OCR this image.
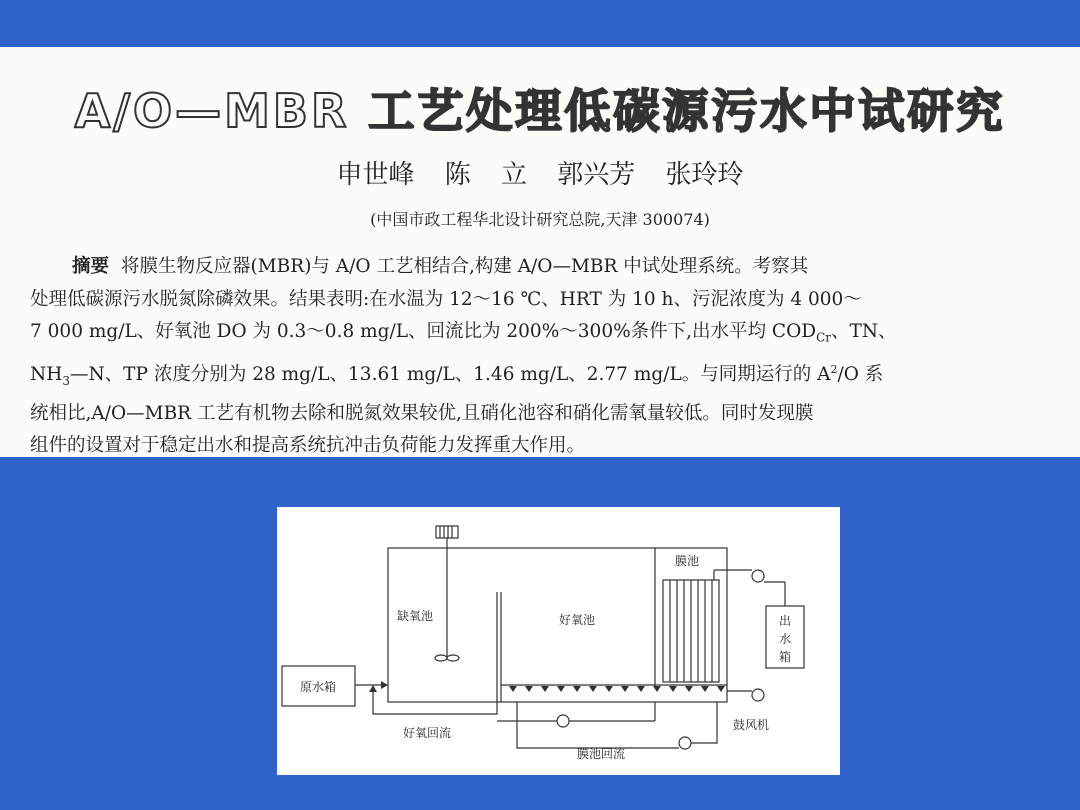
A/O—MBR 工艺处理低碳源污水中试研究
申世峰 陈 立 郭兴芳 张玲玲
(中国市政工程华北设计研究总院,天津 300074)
摘要 将膜生物反应器(MBR)与 A/O 工艺相结合,构建 A/O—MBR 中试处理系统。考察其
处理低碳源污水脱氮除磷效果。结果表明:在水温为 12～16 ℃、HRT 为 10 h、污泥浓度为 4 000～
7 000 mg/L、好氧池 DO 为 0.3～0.8 mg/L、回流比为 200%～300%条件下,出水平均 $COD_{Cr}$、TN、
$NH_3—N$、TP 浓度分别为 28 mg/L、13.61 mg/L、1.46 mg/L、2.77 mg/L。与同期运行的 $A^2/O$ 系
统相比,A/O—MBR 工艺有机物去除和脱氮效果较优,且硝化池容和硝化需氧量较低。同时发现膜
组件的设置对于稳定出水和提高系统抗冲击负荷能力发挥重大作用。
原水箱
缺氧池	好氧池
膜池
鼓风机
出
水
箱
好氧回流
膜池回流
